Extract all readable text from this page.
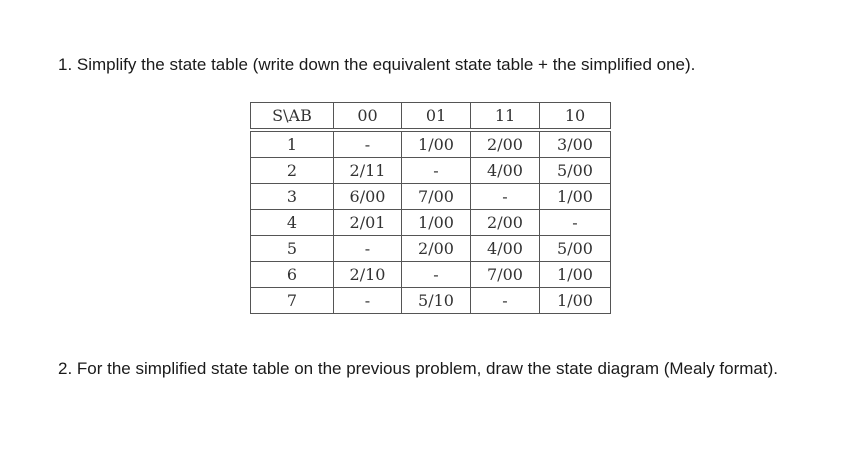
1. Simplify the state table (write down the equivalent state table + the simplified one).
S\AB	00	01	11	10
1	-	1/00	2/00	3/00
2	2/11	-	4/00	5/00
3	6/00	7/00	-	1/00
4	2/01	1/00	2/00	-
5	-	2/00	4/00	5/00
6	2/10	-	7/00	1/00
7	-	5/10	-	1/00
2. For the simplified state table on the previous problem, draw the state diagram (Mealy format).
